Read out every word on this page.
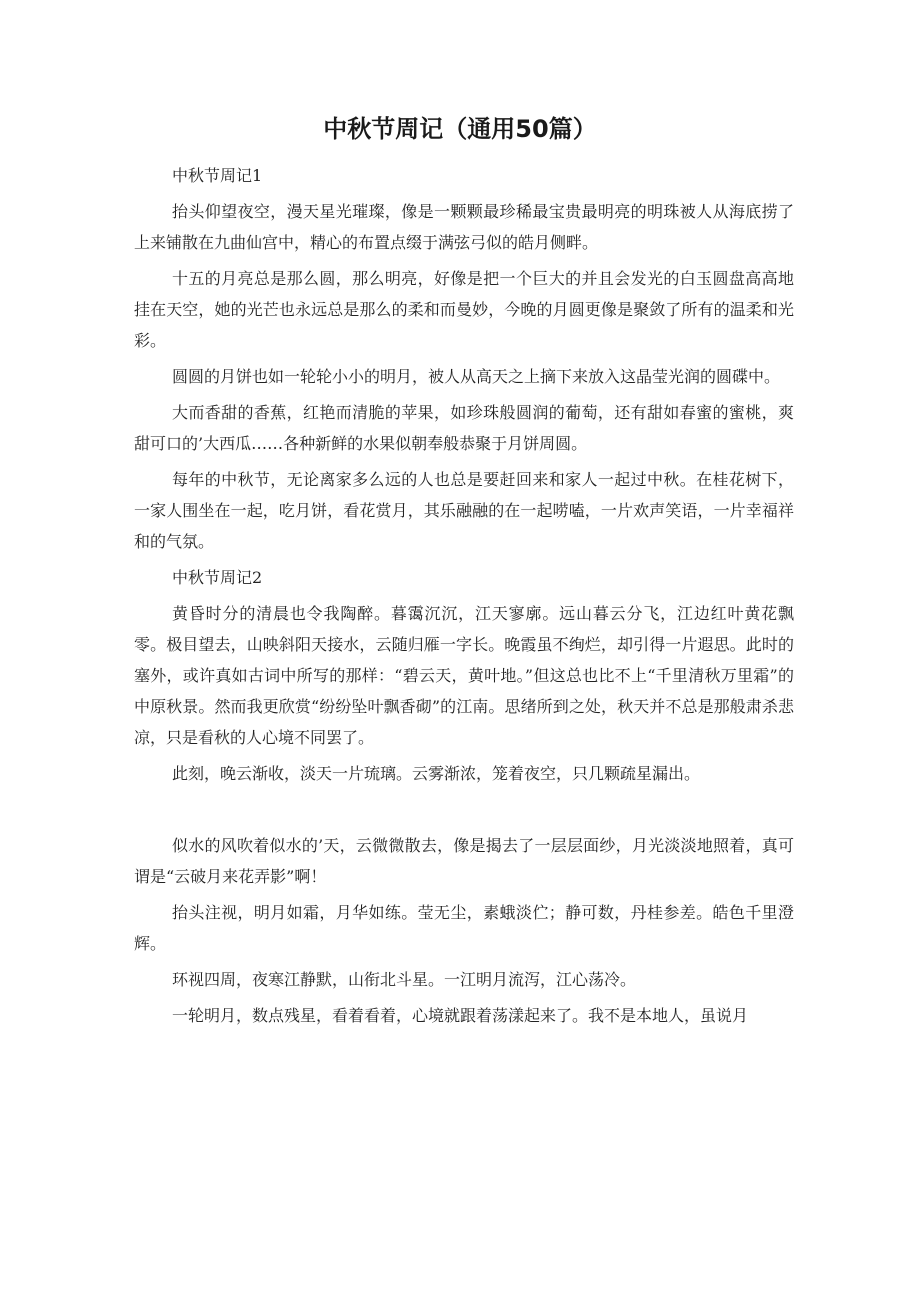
中秋节周记（通用50篇）

中秋节周记1

抬头仰望夜空，漫天星光璀璨，像是一颗颗最珍稀最宝贵最明亮的明珠被人从海底捞了上来铺散在九曲仙宫中，精心的布置点缀于满弦弓似的皓月侧畔。

十五的月亮总是那么圆，那么明亮，好像是把一个巨大的并且会发光的白玉圆盘高高地挂在天空，她的光芒也永远总是那么的柔和而曼妙，今晚的月圆更像是聚敛了所有的温柔和光彩。

圆圆的月饼也如一轮轮小小的明月，被人从高天之上摘下来放入这晶莹光润的圆碟中。

大而香甜的香蕉，红艳而清脆的苹果，如珍珠般圆润的葡萄，还有甜如春蜜的蜜桃，爽甜可口的’大西瓜……各种新鲜的水果似朝奉般恭聚于月饼周圆。

每年的中秋节，无论离家多么远的人也总是要赶回来和家人一起过中秋。在桂花树下，一家人围坐在一起，吃月饼，看花赏月，其乐融融的在一起唠嗑，一片欢声笑语，一片幸福祥和的气氛。

中秋节周记2

黄昏时分的清晨也令我陶醉。暮霭沉沉，江天寥廓。远山暮云分飞，江边红叶黄花飘零。极目望去，山映斜阳天接水，云随归雁一字长。晚霞虽不绚烂，却引得一片遐思。此时的塞外，或许真如古词中所写的那样：“碧云天，黄叶地。”但这总也比不上“千里清秋万里霜”的中原秋景。然而我更欣赏“纷纷坠叶飘香砌”的江南。思绪所到之处，秋天并不总是那般肃杀悲凉，只是看秋的人心境不同罢了。

此刻，晚云渐收，淡天一片琉璃。云雾渐浓，笼着夜空，只几颗疏星漏出。

似水的风吹着似水的’天，云微微散去，像是揭去了一层层面纱，月光淡淡地照着，真可谓是“云破月来花弄影”啊！

抬头注视，明月如霜，月华如练。莹无尘，素蛾淡伫；静可数，丹桂参差。皓色千里澄辉。

环视四周，夜寒江静默，山衔北斗星。一江明月流泻，江心荡冷。

一轮明月，数点残星，看着看着，心境就跟着荡漾起来了。我不是本地人，虽说月
